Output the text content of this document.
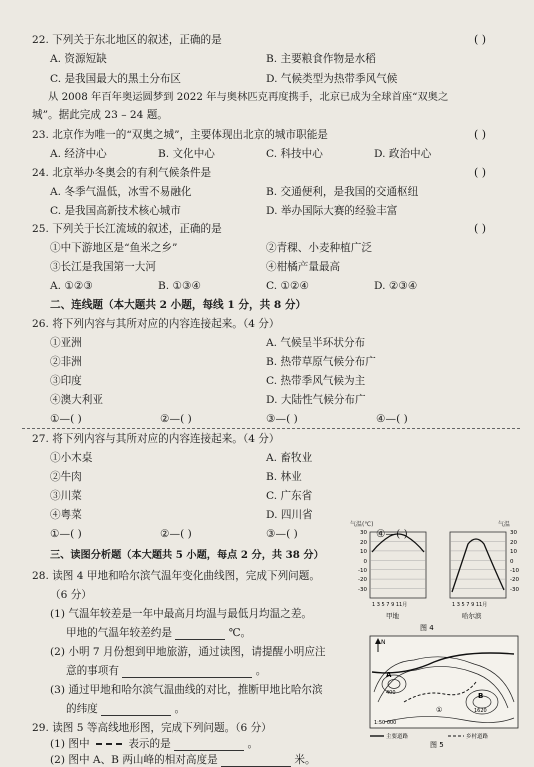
22. 下列关于东北地区的叙述，正确的是	( )
A. 资源短缺	B. 主要粮食作物是水稻
C. 是我国最大的黑土分布区	D. 气候类型为热带季风气候
从 2008 年百年奥运圆梦到 2022 年与奥林匹克再度携手，北京已成为全球首座“双奥之
城”。据此完成 23 – 24 题。
23. 北京作为唯一的“双奥之城”，主要体现出北京的城市职能是	( )
A. 经济中心	B. 文化中心	C. 科技中心	D. 政治中心
24. 北京举办冬奥会的有利气候条件是	( )
A. 冬季气温低，冰雪不易融化	B. 交通便利，是我国的交通枢纽
C. 是我国高新技术核心城市	D. 举办国际大赛的经验丰富
25. 下列关于长江流域的叙述，正确的是	( )
①中下游地区是“鱼米之乡”	②青稞、小麦种植广泛
③长江是我国第一大河	④柑橘产量最高
A. ①②③	B. ①③④	C. ①②④	D. ②③④
二、连线题（本大题共 2 小题，每线 1 分，共 8 分）
26. 将下列内容与其所对应的内容连接起来。（4 分）
①亚洲	A. 气候呈半环状分布
②非洲	B. 热带草原气候分布广
③印度	C. 热带季风气候为主
④澳大利亚	D. 大陆性气候分布广
①—( )	②—( )	③—( )	④—( )
27. 将下列内容与其所对应的内容连接起来。（4 分）
①小木桌	A. 畜牧业
②牛肉	B. 林业
③川菜	C. 广东省
④粤菜	D. 四川省
①—( )	②—( )	③—( )	④—( )
三、读图分析题（本大题共 5 小题，每点 2 分，共 38 分）
28. 读图 4 甲地和哈尔滨气温年变化曲线图，完成下列问题。
（6 分）
(1) 气温年较差是一年中最高月均温与最低月均温之差。
甲地的气温年较差约是	℃。
(2) 小明 7 月份想到甲地旅游，通过读图，请提醒小明应注
意的事项有	。
(3) 通过甲地和哈尔滨气温曲线的对比，推断甲地比哈尔滨
的纬度	。
29. 读图 5 等高线地形图，完成下列问题。（6 分）
(1) 图中	表示的是	。
(2) 图中 A、B 两山峰的相对高度是	米。
气温(℃)
30
20
10
0
-10
-20
-30
1 3 5 7 9 11月
甲地
气温
30
20
10
0
-10
-20
-30
1 3 5 7 9 11月
哈尔滨
图 4
N
A
400	B
1620
①
1:50 000
主要道路	乡村道路
图 5
